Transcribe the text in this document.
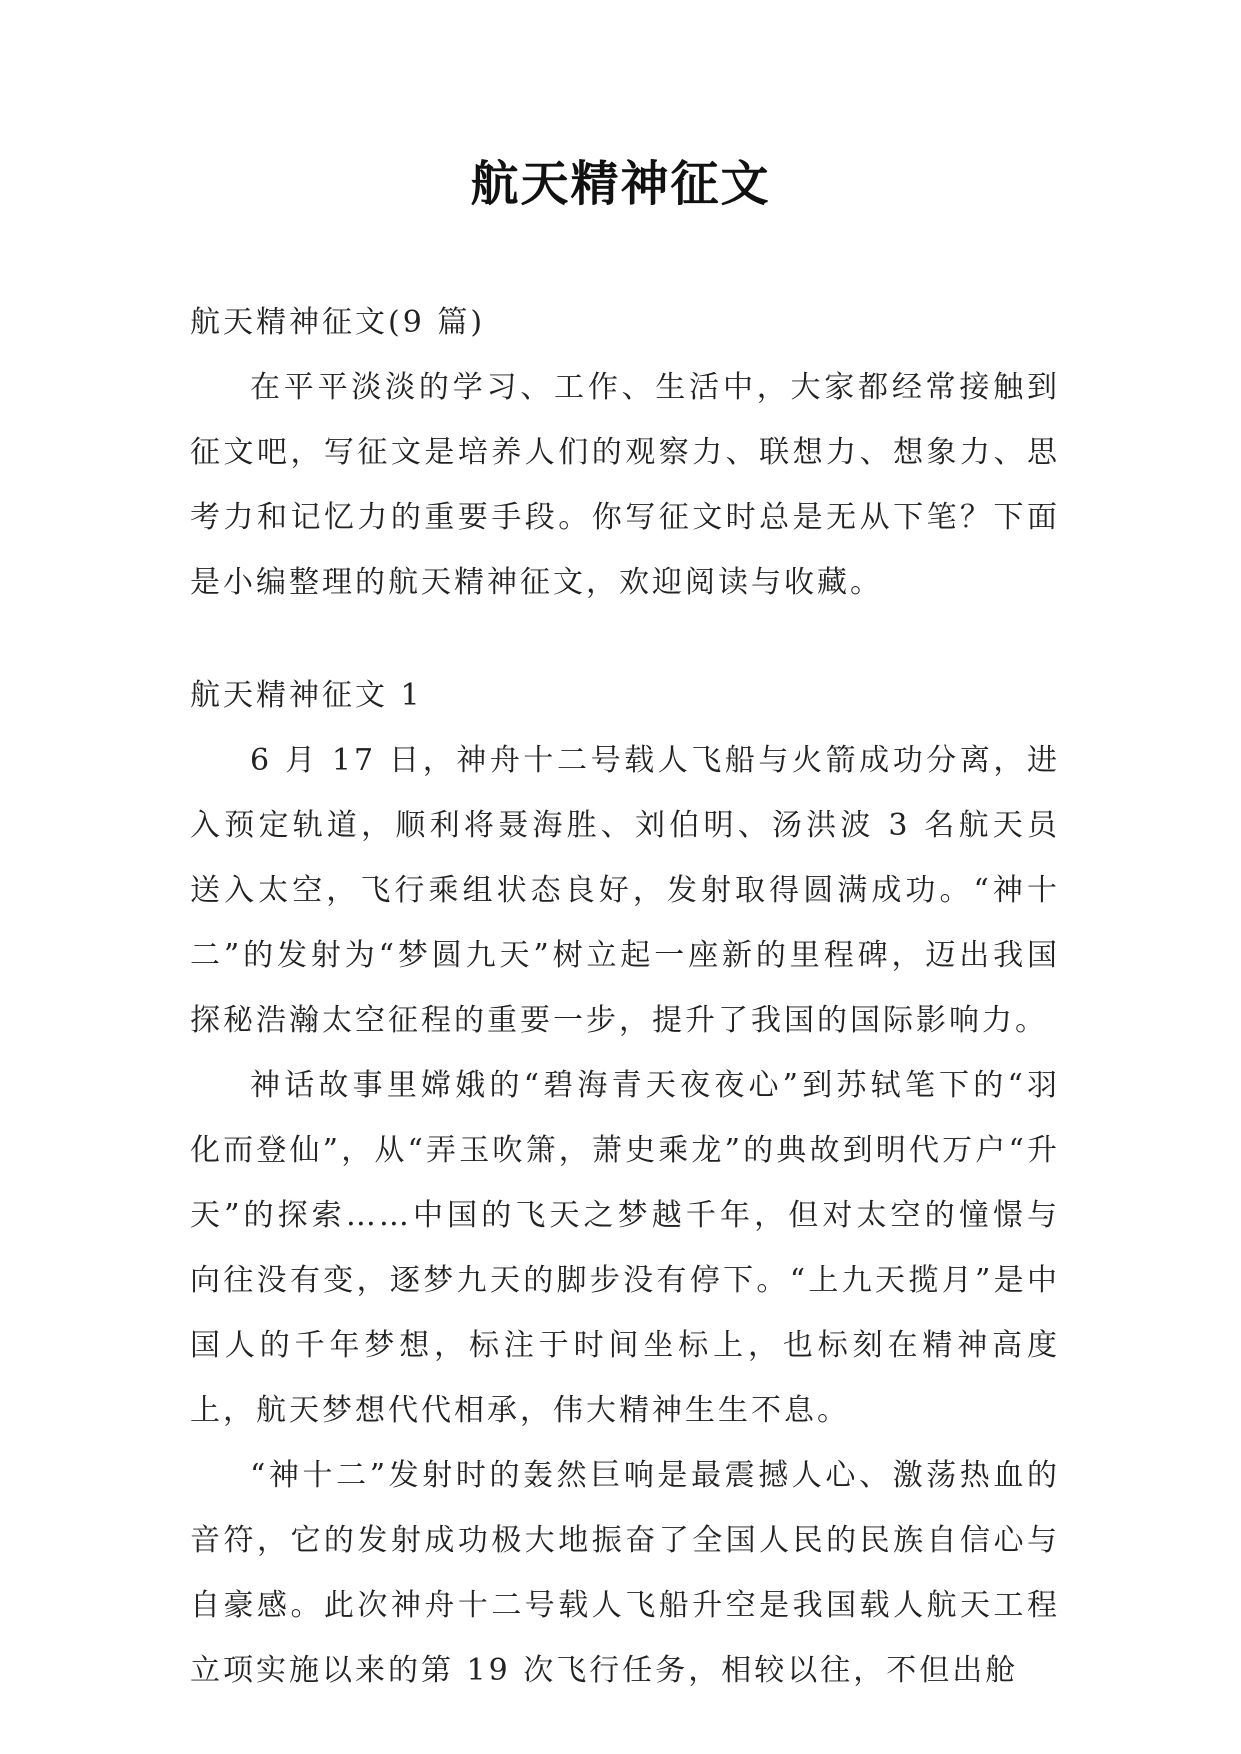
航天精神征文

航天精神征文(9 篇)

在平平淡淡的学习、工作、生活中，大家都经常接触到征文吧，写征文是培养人们的观察力、联想力、想象力、思考力和记忆力的重要手段。你写征文时总是无从下笔？下面是小编整理的航天精神征文，欢迎阅读与收藏。

航天精神征文 1

6 月 17 日，神舟十二号载人飞船与火箭成功分离，进入预定轨道，顺利将聂海胜、刘伯明、汤洪波 3 名航天员送入太空，飞行乘组状态良好，发射取得圆满成功。“神十二”的发射为“梦圆九天”树立起一座新的里程碑，迈出我国探秘浩瀚太空征程的重要一步，提升了我国的国际影响力。

神话故事里嫦娥的“碧海青天夜夜心”到苏轼笔下的“羽化而登仙”，从“弄玉吹箫，萧史乘龙”的典故到明代万户“升天”的探索……中国的飞天之梦越千年，但对太空的憧憬与向往没有变，逐梦九天的脚步没有停下。“上九天揽月”是中国人的千年梦想，标注于时间坐标上，也标刻在精神高度上，航天梦想代代相承，伟大精神生生不息。

“神十二”发射时的轰然巨响是最震撼人心、激荡热血的音符，它的发射成功极大地振奋了全国人民的民族自信心与自豪感。此次神舟十二号载人飞船升空是我国载人航天工程立项实施以来的第 19 次飞行任务，相较以往，不但出舱
